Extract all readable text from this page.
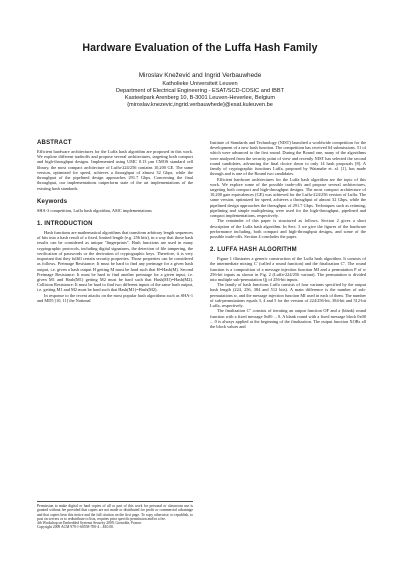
Hardware Evaluation of the Luffa Hash Family
Miroslav Knežević and Ingrid Verbauwhede
Katholieke Universiteit Leuven
Department of Electrical Engineering - ESAT/SCD-COSIC and IBBT
Kasteelpark Arenberg 10, B-3001 Leuven-Heverlee, Belgium
{miroslav.knezevic,ingrid.verbauwhede}@esat.kuleuven.be
ABSTRACT

Efficient hardware architectures for the Luffa hash algorithm are proposed in this work. We explore different tradeoffs and propose several architectures, targeting both compact and high-throughput designs. Implemented using UMC 0.13 µm CMOS standard cell library, the most compact architecture of Luffa-224/256 contains 10,200 GE. The same version, optimized for speed, achieves a throughput of almost 32 Gbps, while the throughput of the pipelined design approaches 291.7 Gbps. Concerning the final throughput, our implementations outperform state of the art implementations of the existing hash standards.

Keywords

SHA-3 competition, Luffa hash algorithm, ASIC implementations

1. INTRODUCTION

Hash functions are mathematical algorithms that transform arbitrary length sequences of bits into a hash result of a fixed, limited length (e.g. 256 bits), in a way that those hash results can be considered as unique "fingerprints". Hash functions are used in many cryptographic protocols, including digital signatures, the detection of file tampering, the verification of passwords or the derivation of cryptographic keys. Therefore, it is very important that they fulfill certain security properties. Those properties can be considered as follows. Preimage Resistance: It must be hard to find any preimage for a given hash output, i.e. given a hash output H getting M must be hard such that H=Hash(M). Second Preimage Resistance: It must be hard to find another preimage for a given input, i.e. given M1 and Hash(M1) getting M2 must be hard such that Hash(M1)=Hash(M2). Collision Resistance: It must be hard to find two different inputs of the same hash output, i.e. getting M1 and M2 must be hard such that Hash(M1)=Hash(M2).

In response to the recent attacks on the most popular hash algorithms such as SHA-1 and MD5 [10, 11] the National

Permission to make digital or hard copies of all or part of this work for personal or classroom use is granted without fee provided that copies are not made or distributed for profit or commercial advantage and that copies bear this notice and the full citation on the first page. To copy otherwise, to republish, to post on servers or to redistribute to lists, requires prior specific permission and/or a fee.

4th Workshop on Embedded Systems Security 2009, Grenoble, France.

Copyright 2009 ACM 978-1-60558-700-4 ...$10.00.

Institute of Standards and Technology (NIST) launched a worldwide competition for the development of a new hash function. The competition has received 64 submissions, 51 of which were advanced to the first round. During the Round one, many of the algorithms were analyzed from the security point of view and recently NIST has selected the second round candidates, advancing the final choice down to only 14 hash proposals [8]. A family of cryptographic functions Luffa, proposed by Watanabe et. al. [1], has made through and is one of the Round two candidates.

Efficient hardware architectures for the Luffa hash algorithm are the topic of this work. We explore some of the possible trade-offs and propose several architectures, targeting both compact and high-throughput designs. The most compact architecture of 10,200 gate equivalences (GE) was achieved for the Luffa-224/256 version of Luffa. The same version, optimized for speed, achieves a throughput of almost 32 Gbps, while the pipelined design approaches the throughput of 291.7 Gbps. Techniques such as retiming, pipelining and simple multiplexing were used for the high-throughput, pipelined and compact implementations, respectively.

The remainder of this paper is structured as follows. Section 2 gives a short description of the Luffa hash algorithm. In Sect. 3 we give the figures of the hardware performance including, both compact and high-throughput designs, and some of the possible trade-offs. Section 4 concludes the paper.

2. LUFFA HASH ALGORITHM

Figure 1 illustrates a generic construction of the Luffa hash algorithm. It consists of the intermediate mixing C' (called a round function) and the finalization C''. The round function is a composition of a message injection function MI and a permutation P of w 256-bit inputs as shown in Fig. 2 (Luffa-224/256 variant). The permutation is divided into multiple sub-permutation Qj of 256-bit inputs.

The family of hash functions Luffa consists of four variants specified by the output hash length (224, 256, 384 and 512 bits). A main difference is the number of sub-permutations w, and the message injection function MI used in each of them. The number of sub-permutations equals 3, 4 and 5 for the version of 224/256-bit, 384-bit and 512-bit Luffa, respectively.

The finalization C'' consists of iterating an output function OF and a (blank) round function with a fixed message 0x00 ... 0. A blank round with a fixed message block 0x00 ... 0 is always applied at the beginning of the finalization. The output function XORs all the block values and
